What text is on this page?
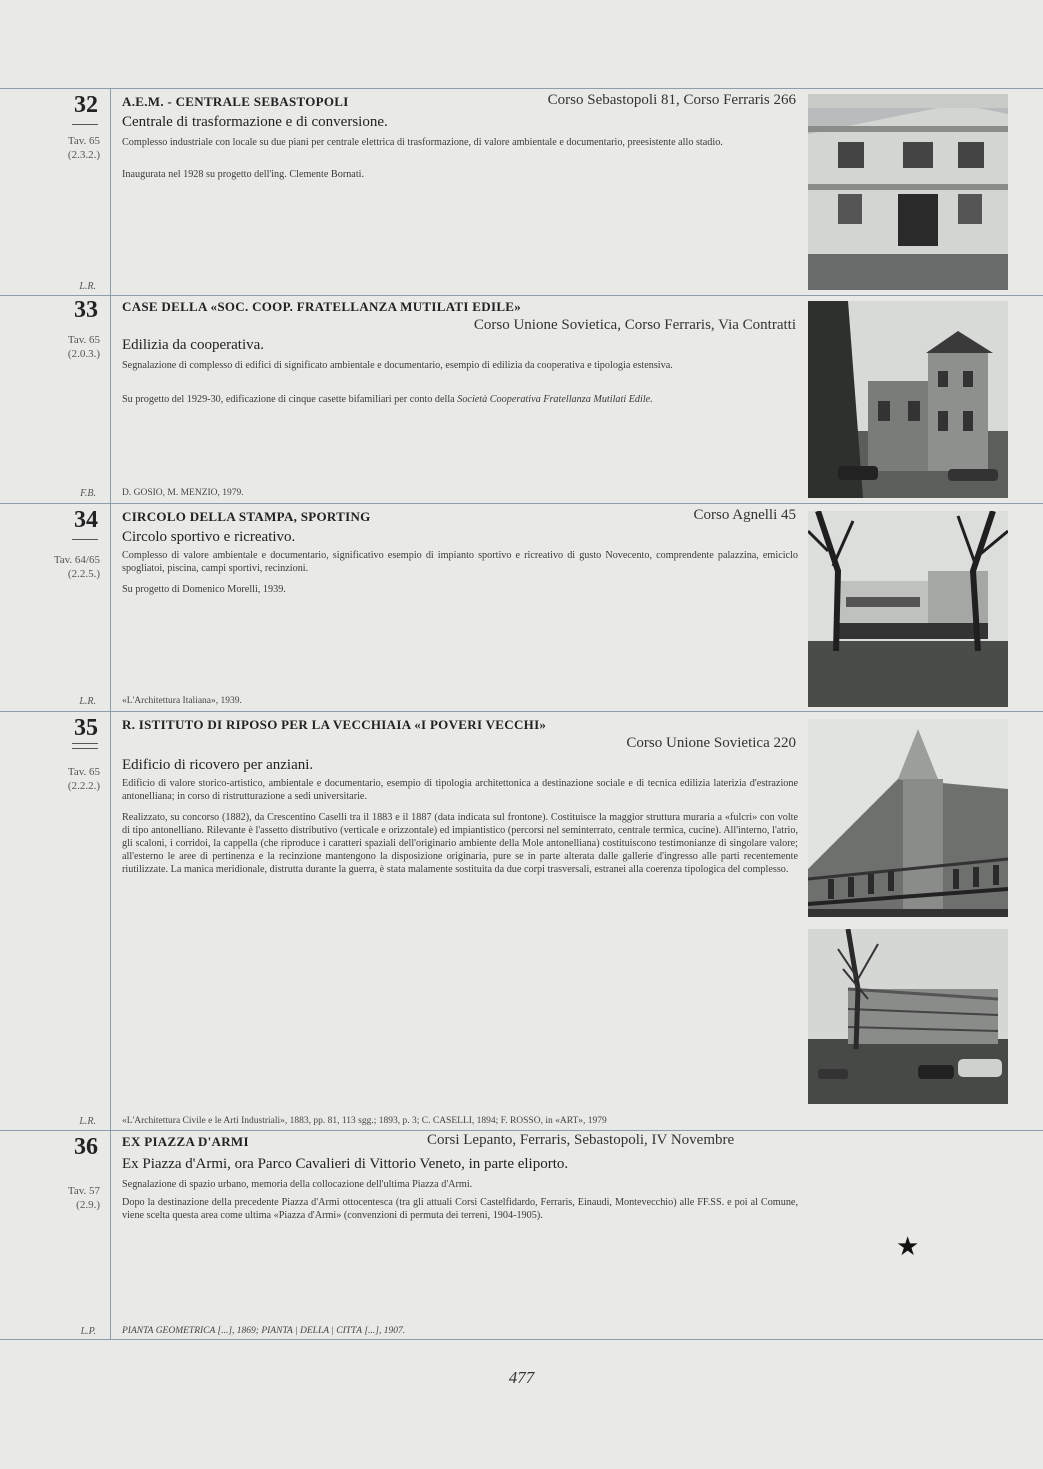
32
Tav. 65
(2.3.2.)
L.R.
A.E.M. - CENTRALE SEBASTOPOLI	Corso Sebastopoli 81, Corso Ferraris 266
Centrale di trasformazione e di conversione.

Complesso industriale con locale su due piani per centrale elettrica di trasformazione, di valore ambientale e documentario, preesistente allo stadio.

Inaugurata nel 1928 su progetto dell'ing. Clemente Bornati.

33
Tav. 65
(2.0.3.)
F.B.
CASE DELLA «SOC. COOP. FRATELLANZA MUTILATI EDILE»
Corso Unione Sovietica, Corso Ferraris, Via Contratti
Edilizia da cooperativa.

Segnalazione di complesso di edifici di significato ambientale e documentario, esempio di edilizia da cooperativa e tipologia estensiva.

Su progetto del 1929-30, edificazione di cinque casette bifamiliari per conto della Società Cooperativa Fratellanza Mutilati Edile.

D. GOSIO, M. MENZIO, 1979.
34
Tav. 64/65
(2.2.5.)
L.R.
CIRCOLO DELLA STAMPA, SPORTING	Corso Agnelli 45
Circolo sportivo e ricreativo.

Complesso di valore ambientale e documentario, significativo esempio di impianto sportivo e ricreativo di gusto Novecento, comprendente palazzina, emiciclo spogliatoi, piscina, campi sportivi, recinzioni.

Su progetto di Domenico Morelli, 1939.

«L'Architettura Italiana», 1939.
35
Tav. 65
(2.2.2.)
L.R.
R. ISTITUTO DI RIPOSO PER LA VECCHIAIA «I POVERI VECCHI»
Corso Unione Sovietica 220
Edificio di ricovero per anziani.

Edificio di valore storico-artistico, ambientale e documentario, esempio di tipologia architettonica a destinazione sociale e di tecnica edilizia laterizia d'estrazione antonelliana; in corso di ristrutturazione a sedi universitarie.

Realizzato, su concorso (1882), da Crescentino Caselli tra il 1883 e il 1887 (data indicata sul frontone). Costituisce la maggior struttura muraria a «fulcri» con volte di tipo antonelliano. Rilevante è l'assetto distributivo (verticale e orizzontale) ed impiantistico (percorsi nel seminterrato, centrale termica, cucine). All'interno, l'atrio, gli scaloni, i corridoi, la cappella (che riproduce i caratteri spaziali dell'originario ambiente della Mole antonelliana) costituiscono testimonianze di singolare valore; all'esterno le aree di pertinenza e la recinzione mantengono la disposizione originaria, pure se in parte alterata dalle gallerie d'ingresso alle parti recentemente riutilizzate. La manica meridionale, distrutta durante la guerra, è stata malamente sostituita da due corpi trasversali, estranei alla coerenza tipologica del complesso.

«L'Architettura Civile e le Arti Industriali», 1883, pp. 81, 113 sgg.; 1893, p. 3; C. CASELLI, 1894; F. ROSSO, in «ART», 1979
36
Tav. 57
(2.9.)
L.P.
EX PIAZZA D'ARMI	Corsi Lepanto, Ferraris, Sebastopoli, IV Novembre
Ex Piazza d'Armi, ora Parco Cavalieri di Vittorio Veneto, in parte eliporto.

Segnalazione di spazio urbano, memoria della collocazione dell'ultima Piazza d'Armi.

Dopo la destinazione della precedente Piazza d'Armi ottocentesca (tra gli attuali Corsi Castelfidardo, Ferraris, Einaudi, Montevecchio) alle FF.SS. e poi al Comune, viene scelta questa area come ultima «Piazza d'Armi» (convenzioni di permuta dei terreni, 1904-1905).

PIANTA GEOMETRICA [...], 1869; PIANTA | DELLA | CITTÀ [...], 1907.
★
477
